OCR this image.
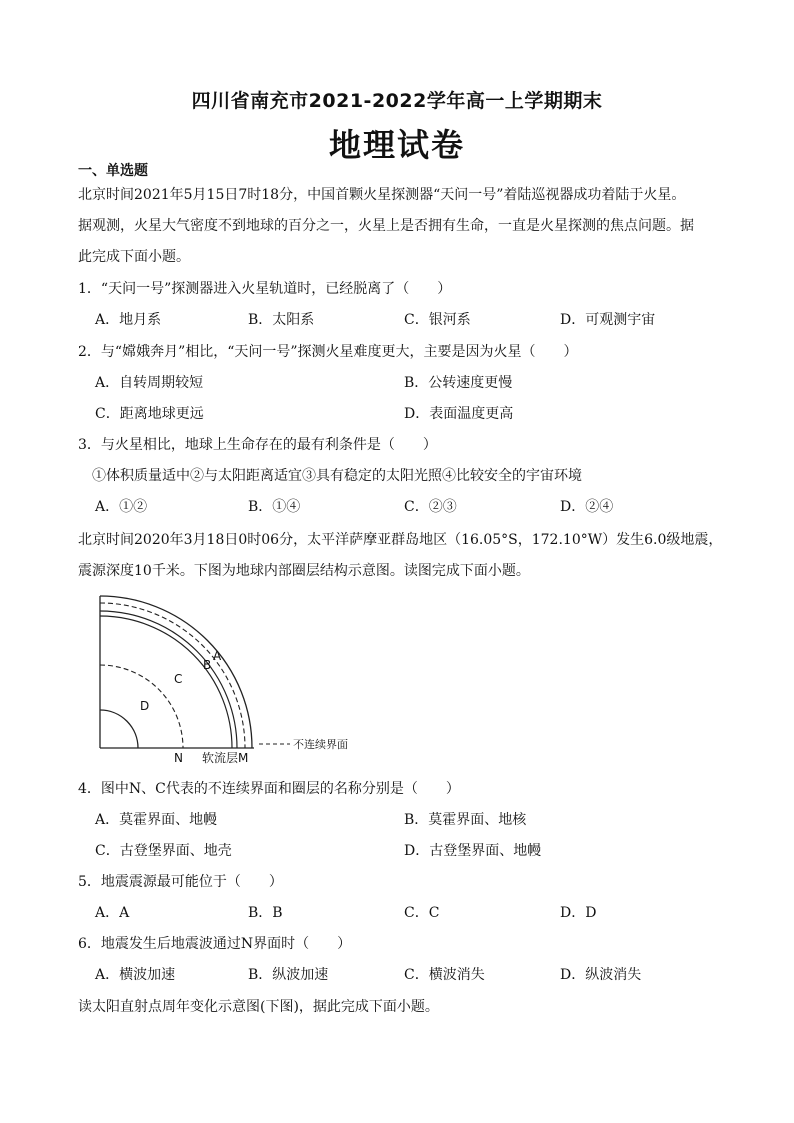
四川省南充市2021-2022学年高一上学期期末
地理试卷
一、单选题
北京时间2021年5月15日7时18分，中国首颗火星探测器“天问一号”着陆巡视器成功着陆于火星。
据观测，火星大气密度不到地球的百分之一，火星上是否拥有生命，一直是火星探测的焦点问题。据
此完成下面小题。
1．“天问一号”探测器进入火星轨道时，已经脱离了（　　）
A．地月系	B．太阳系	C．银河系	D．可观测宇宙
2．与“嫦娥奔月”相比，“天问一号”探测火星难度更大，主要是因为火星（　　）
A．自转周期较短	B．公转速度更慢
C．距离地球更远	D．表面温度更高
3．与火星相比，地球上生命存在的最有利条件是（　　）
①体积质量适中②与太阳距离适宜③具有稳定的太阳光照④比较安全的宇宙环境
A．①②	B．①④	C．②③	D．②④
北京时间2020年3月18日0时06分，太平洋萨摩亚群岛地区（16.05°S，172.10°W）发生6.0级地震，
震源深度10千米。下图为地球内部圈层结构示意图。读图完成下面小题。
A
B
C
D
N 软流层M
不连续界面
4．图中N、C代表的不连续界面和圈层的名称分别是（　　）
A．莫霍界面、地幔	B．莫霍界面、地核
C．古登堡界面、地壳	D．古登堡界面、地幔
5．地震震源最可能位于（　　）
A．A	B．B	C．C	D．D
6．地震发生后地震波通过N界面时（　　）
A．横波加速	B．纵波加速	C．横波消失	D．纵波消失
读太阳直射点周年变化示意图(下图)，据此完成下面小题。
